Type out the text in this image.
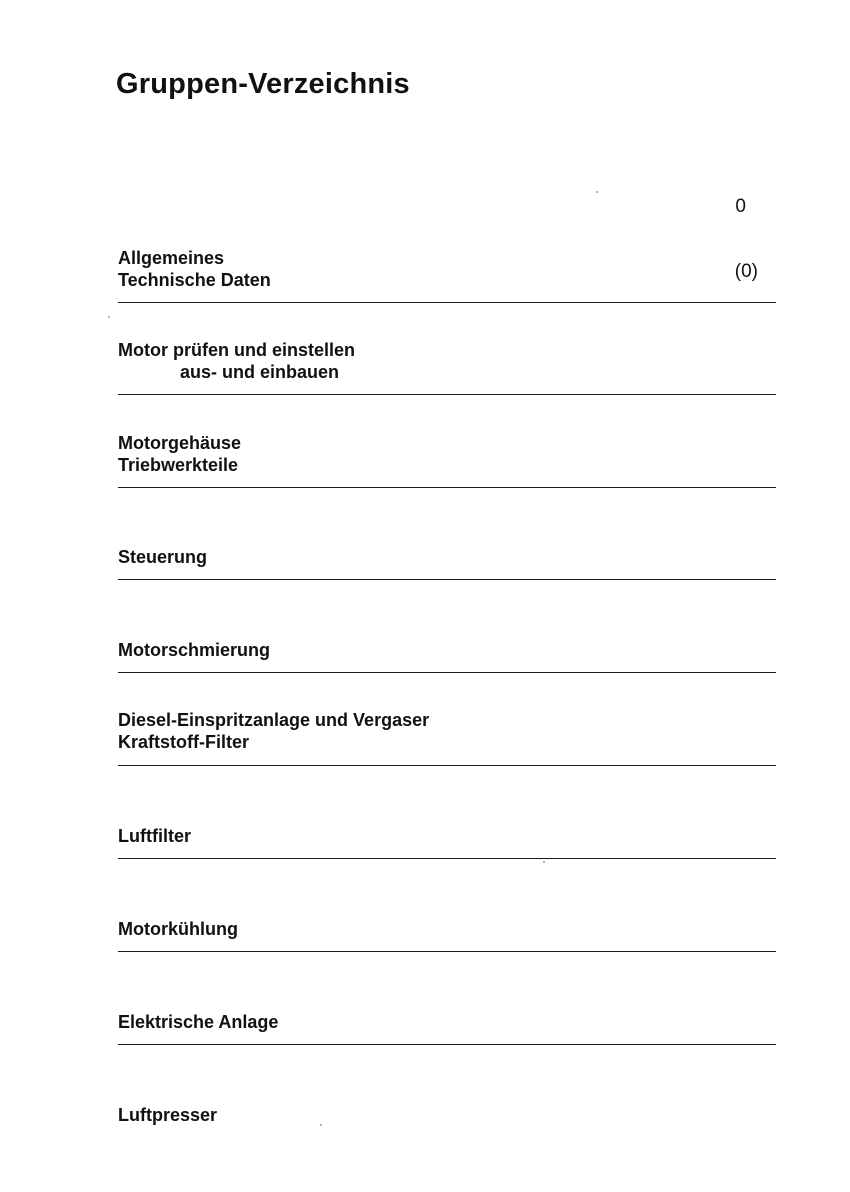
Gruppen-Verzeichnis
0
Allgemeines
Technische Daten	(0)
Motor prüfen und einstellen
aus- und einbauen
Motorgehäuse
Triebwerkteile
Steuerung
Motorschmierung
Diesel-Einspritzanlage und Vergaser
Kraftstoff-Filter
Luftfilter
Motorkühlung
Elektrische Anlage
Luftpresser
